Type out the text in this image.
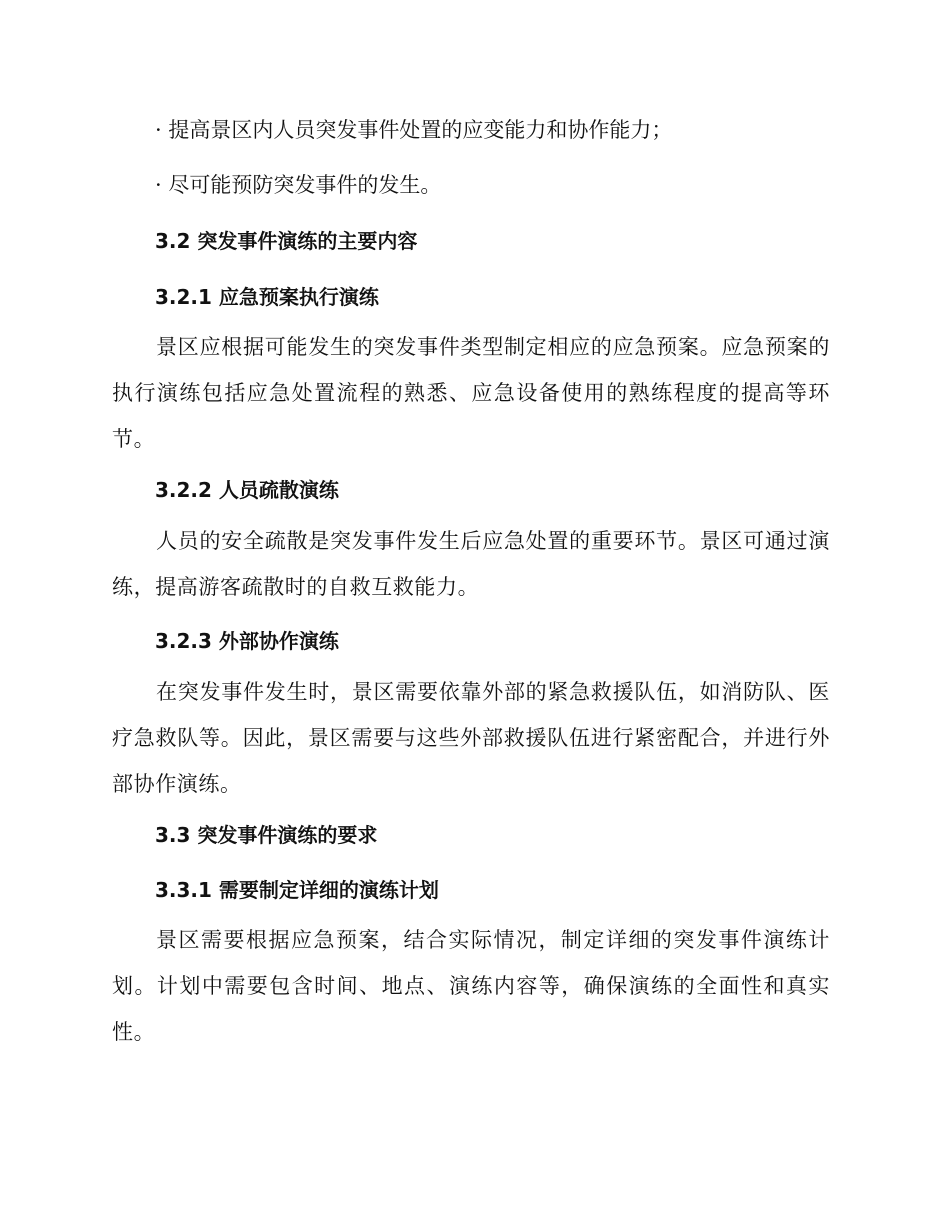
· 提高景区内人员突发事件处置的应变能力和协作能力；
· 尽可能预防突发事件的发生。
3.2 突发事件演练的主要内容
3.2.1 应急预案执行演练
景区应根据可能发生的突发事件类型制定相应的应急预案。应急预案的执行演练包括应急处置流程的熟悉、应急设备使用的熟练程度的提高等环节。
3.2.2 人员疏散演练
人员的安全疏散是突发事件发生后应急处置的重要环节。景区可通过演练，提高游客疏散时的自救互救能力。
3.2.3 外部协作演练
在突发事件发生时，景区需要依靠外部的紧急救援队伍，如消防队、医疗急救队等。因此，景区需要与这些外部救援队伍进行紧密配合，并进行外部协作演练。
3.3 突发事件演练的要求
3.3.1 需要制定详细的演练计划
景区需要根据应急预案，结合实际情况，制定详细的突发事件演练计划。计划中需要包含时间、地点、演练内容等，确保演练的全面性和真实性。
